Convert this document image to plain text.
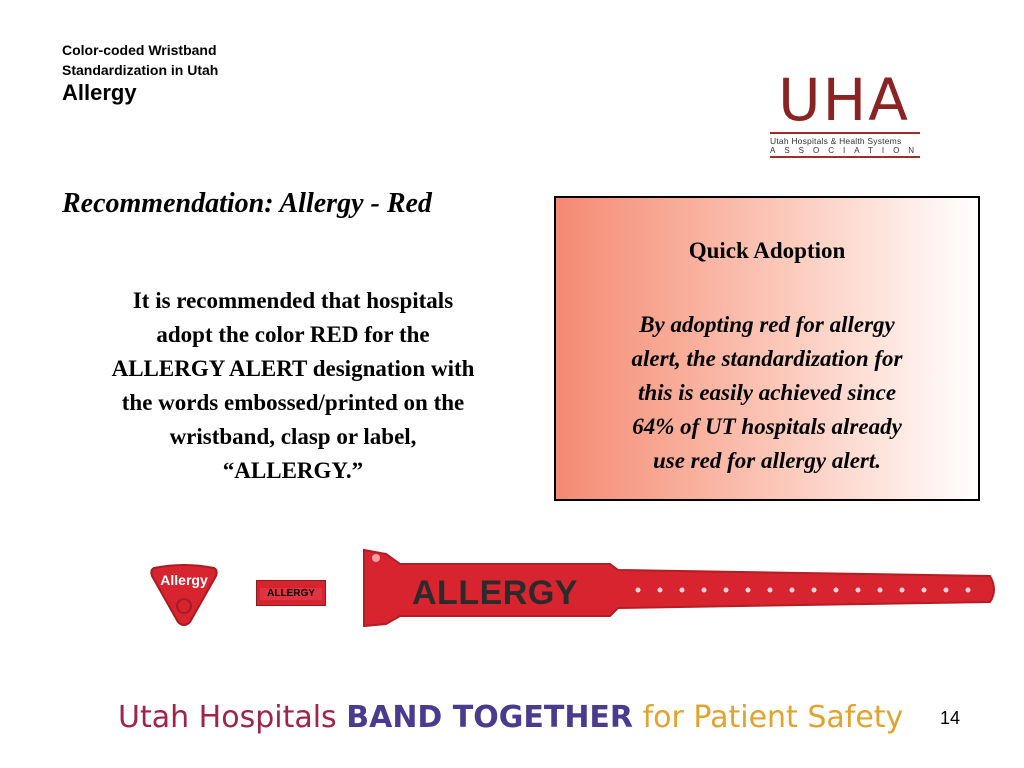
Color-coded Wristband
Standardization in Utah
Allergy	UHA
Utah Hospitals & Health Systems
ASSOCIATION
Recommendation: Allergy - Red
It is recommended that hospitals
adopt the color RED for the
ALLERGY ALERT designation with
the words embossed/printed on the
wristband, clasp or label,
“ALLERGY.”
Quick Adoption
By adopting red for allergy
alert, the standardization for
this is easily achieved since
64% of UT hospitals already
use red for allergy alert.
Allergy
ALLERGY	ALLERGY
Utah Hospitals BAND TOGETHER for Patient Safety 14
